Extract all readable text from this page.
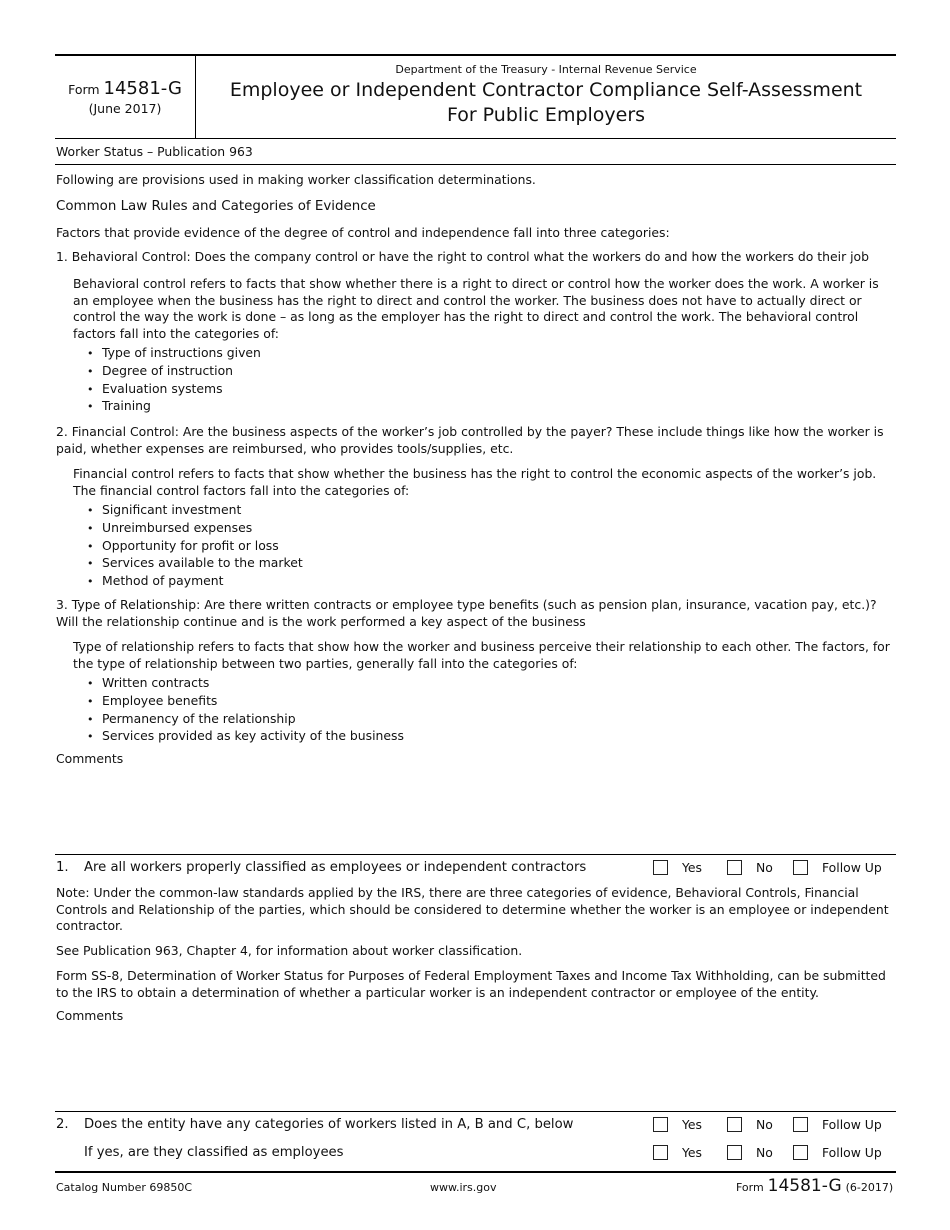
Form 14581-G
(June 2017)
Department of the Treasury - Internal Revenue Service
Employee or Independent Contractor Compliance Self-Assessment
For Public Employers
Worker Status – Publication 963
Following are provisions used in making worker classification determinations.
Common Law Rules and Categories of Evidence
Factors that provide evidence of the degree of control and independence fall into three categories:
1. Behavioral Control: Does the company control or have the right to control what the workers do and how the workers do their job
Behavioral control refers to facts that show whether there is a right to direct or control how the worker does the work. A worker is an employee when the business has the right to direct and control the worker. The business does not have to actually direct or control the way the work is done – as long as the employer has the right to direct and control the work. The behavioral control factors fall into the categories of:
• Type of instructions given
• Degree of instruction
• Evaluation systems
• Training
2. Financial Control: Are the business aspects of the worker’s job controlled by the payer? These include things like how the worker is paid, whether expenses are reimbursed, who provides tools/supplies, etc.
Financial control refers to facts that show whether the business has the right to control the economic aspects of the worker’s job. The financial control factors fall into the categories of:
• Significant investment
• Unreimbursed expenses
• Opportunity for profit or loss
• Services available to the market
• Method of payment
3. Type of Relationship: Are there written contracts or employee type benefits (such as pension plan, insurance, vacation pay, etc.)? Will the relationship continue and is the work performed a key aspect of the business
Type of relationship refers to facts that show how the worker and business perceive their relationship to each other. The factors, for the type of relationship between two parties, generally fall into the categories of:
• Written contracts
• Employee benefits
• Permanency of the relationship
• Services provided as key activity of the business
Comments
1. Are all workers properly classified as employees or independent contractors	Yes	No	Follow Up
Note: Under the common-law standards applied by the IRS, there are three categories of evidence, Behavioral Controls, Financial Controls and Relationship of the parties, which should be considered to determine whether the worker is an employee or independent contractor.
See Publication 963, Chapter 4, for information about worker classification.
Form SS-8, Determination of Worker Status for Purposes of Federal Employment Taxes and Income Tax Withholding, can be submitted to the IRS to obtain a determination of whether a particular worker is an independent contractor or employee of the entity.
Comments
2. Does the entity have any categories of workers listed in A, B and C, below	Yes	No	Follow Up
If yes, are they classified as employees	Yes	No	Follow Up
Catalog Number 69850C	www.irs.gov	Form 14581-G (6-2017)
